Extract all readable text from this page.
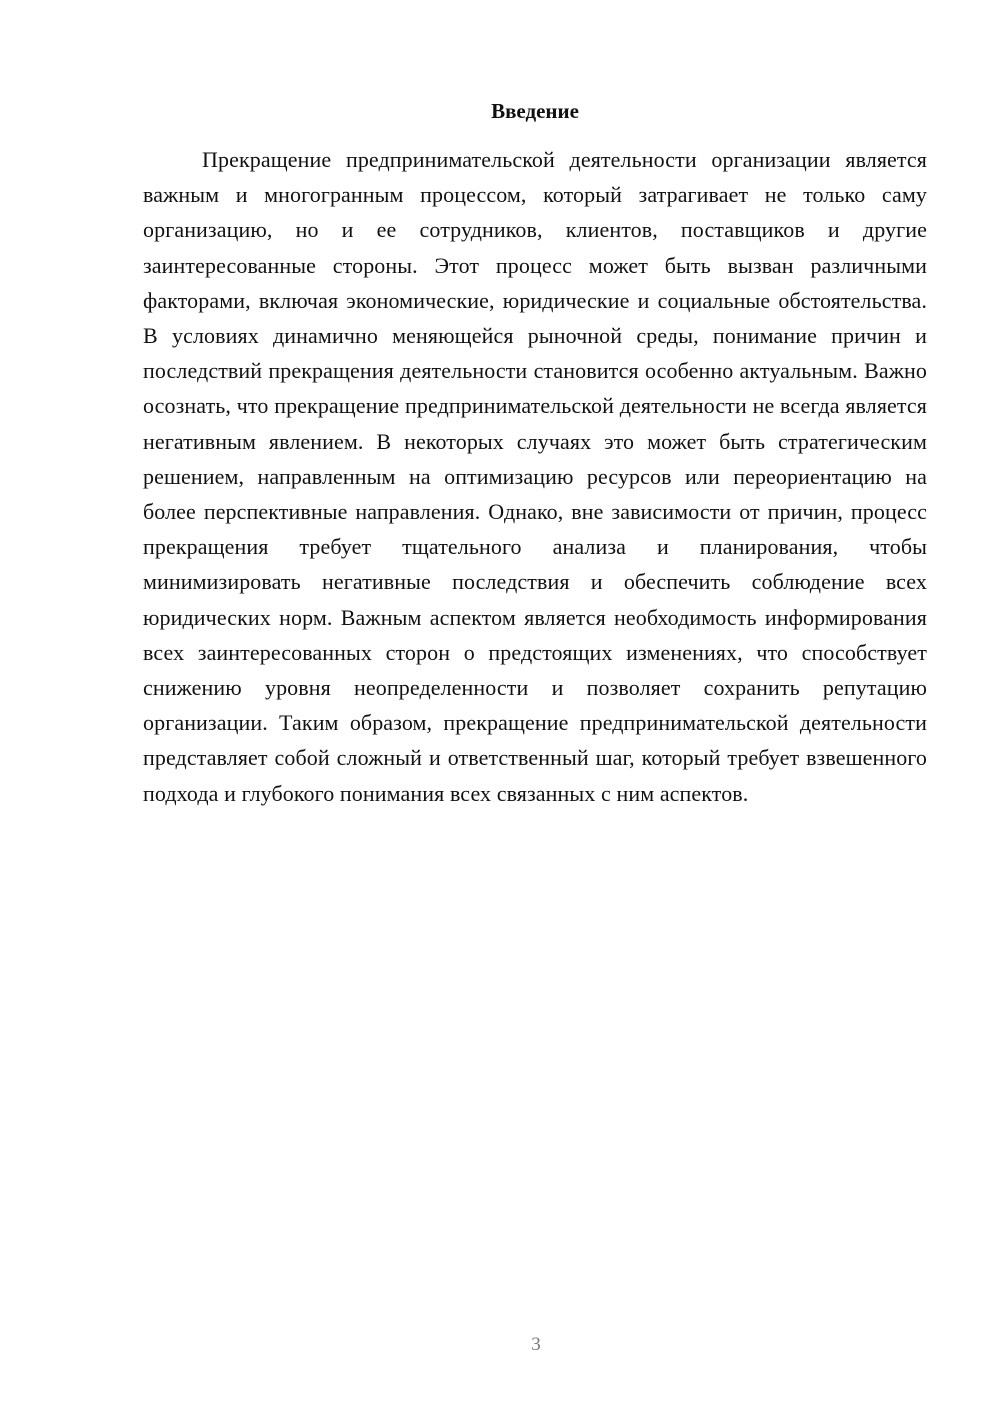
Введение

Прекращение предпринимательской деятельности организации является важным и многогранным процессом, который затрагивает не только саму организацию, но и ее сотрудников, клиентов, поставщиков и другие заинтересованные стороны. Этот процесс может быть вызван различными факторами, включая экономические, юридические и социальные обстоятельства. В условиях динамично меняющейся рыночной среды, понимание причин и последствий прекращения деятельности становится особенно актуальным. Важно осознать, что прекращение предпринимательской деятельности не всегда является негативным явлением. В некоторых случаях это может быть стратегическим решением, направленным на оптимизацию ресурсов или переориентацию на более перспективные направления. Однако, вне зависимости от причин, процесс прекращения требует тщательного анализа и планирования, чтобы минимизировать негативные последствия и обеспечить соблюдение всех юридических норм. Важным аспектом является необходимость информирования всех заинтересованных сторон о предстоящих изменениях, что способствует снижению уровня неопределенности и позволяет сохранить репутацию организации. Таким образом, прекращение предпринимательской деятельности представляет собой сложный и ответственный шаг, который требует взвешенного подхода и глубокого понимания всех связанных с ним аспектов.

3
